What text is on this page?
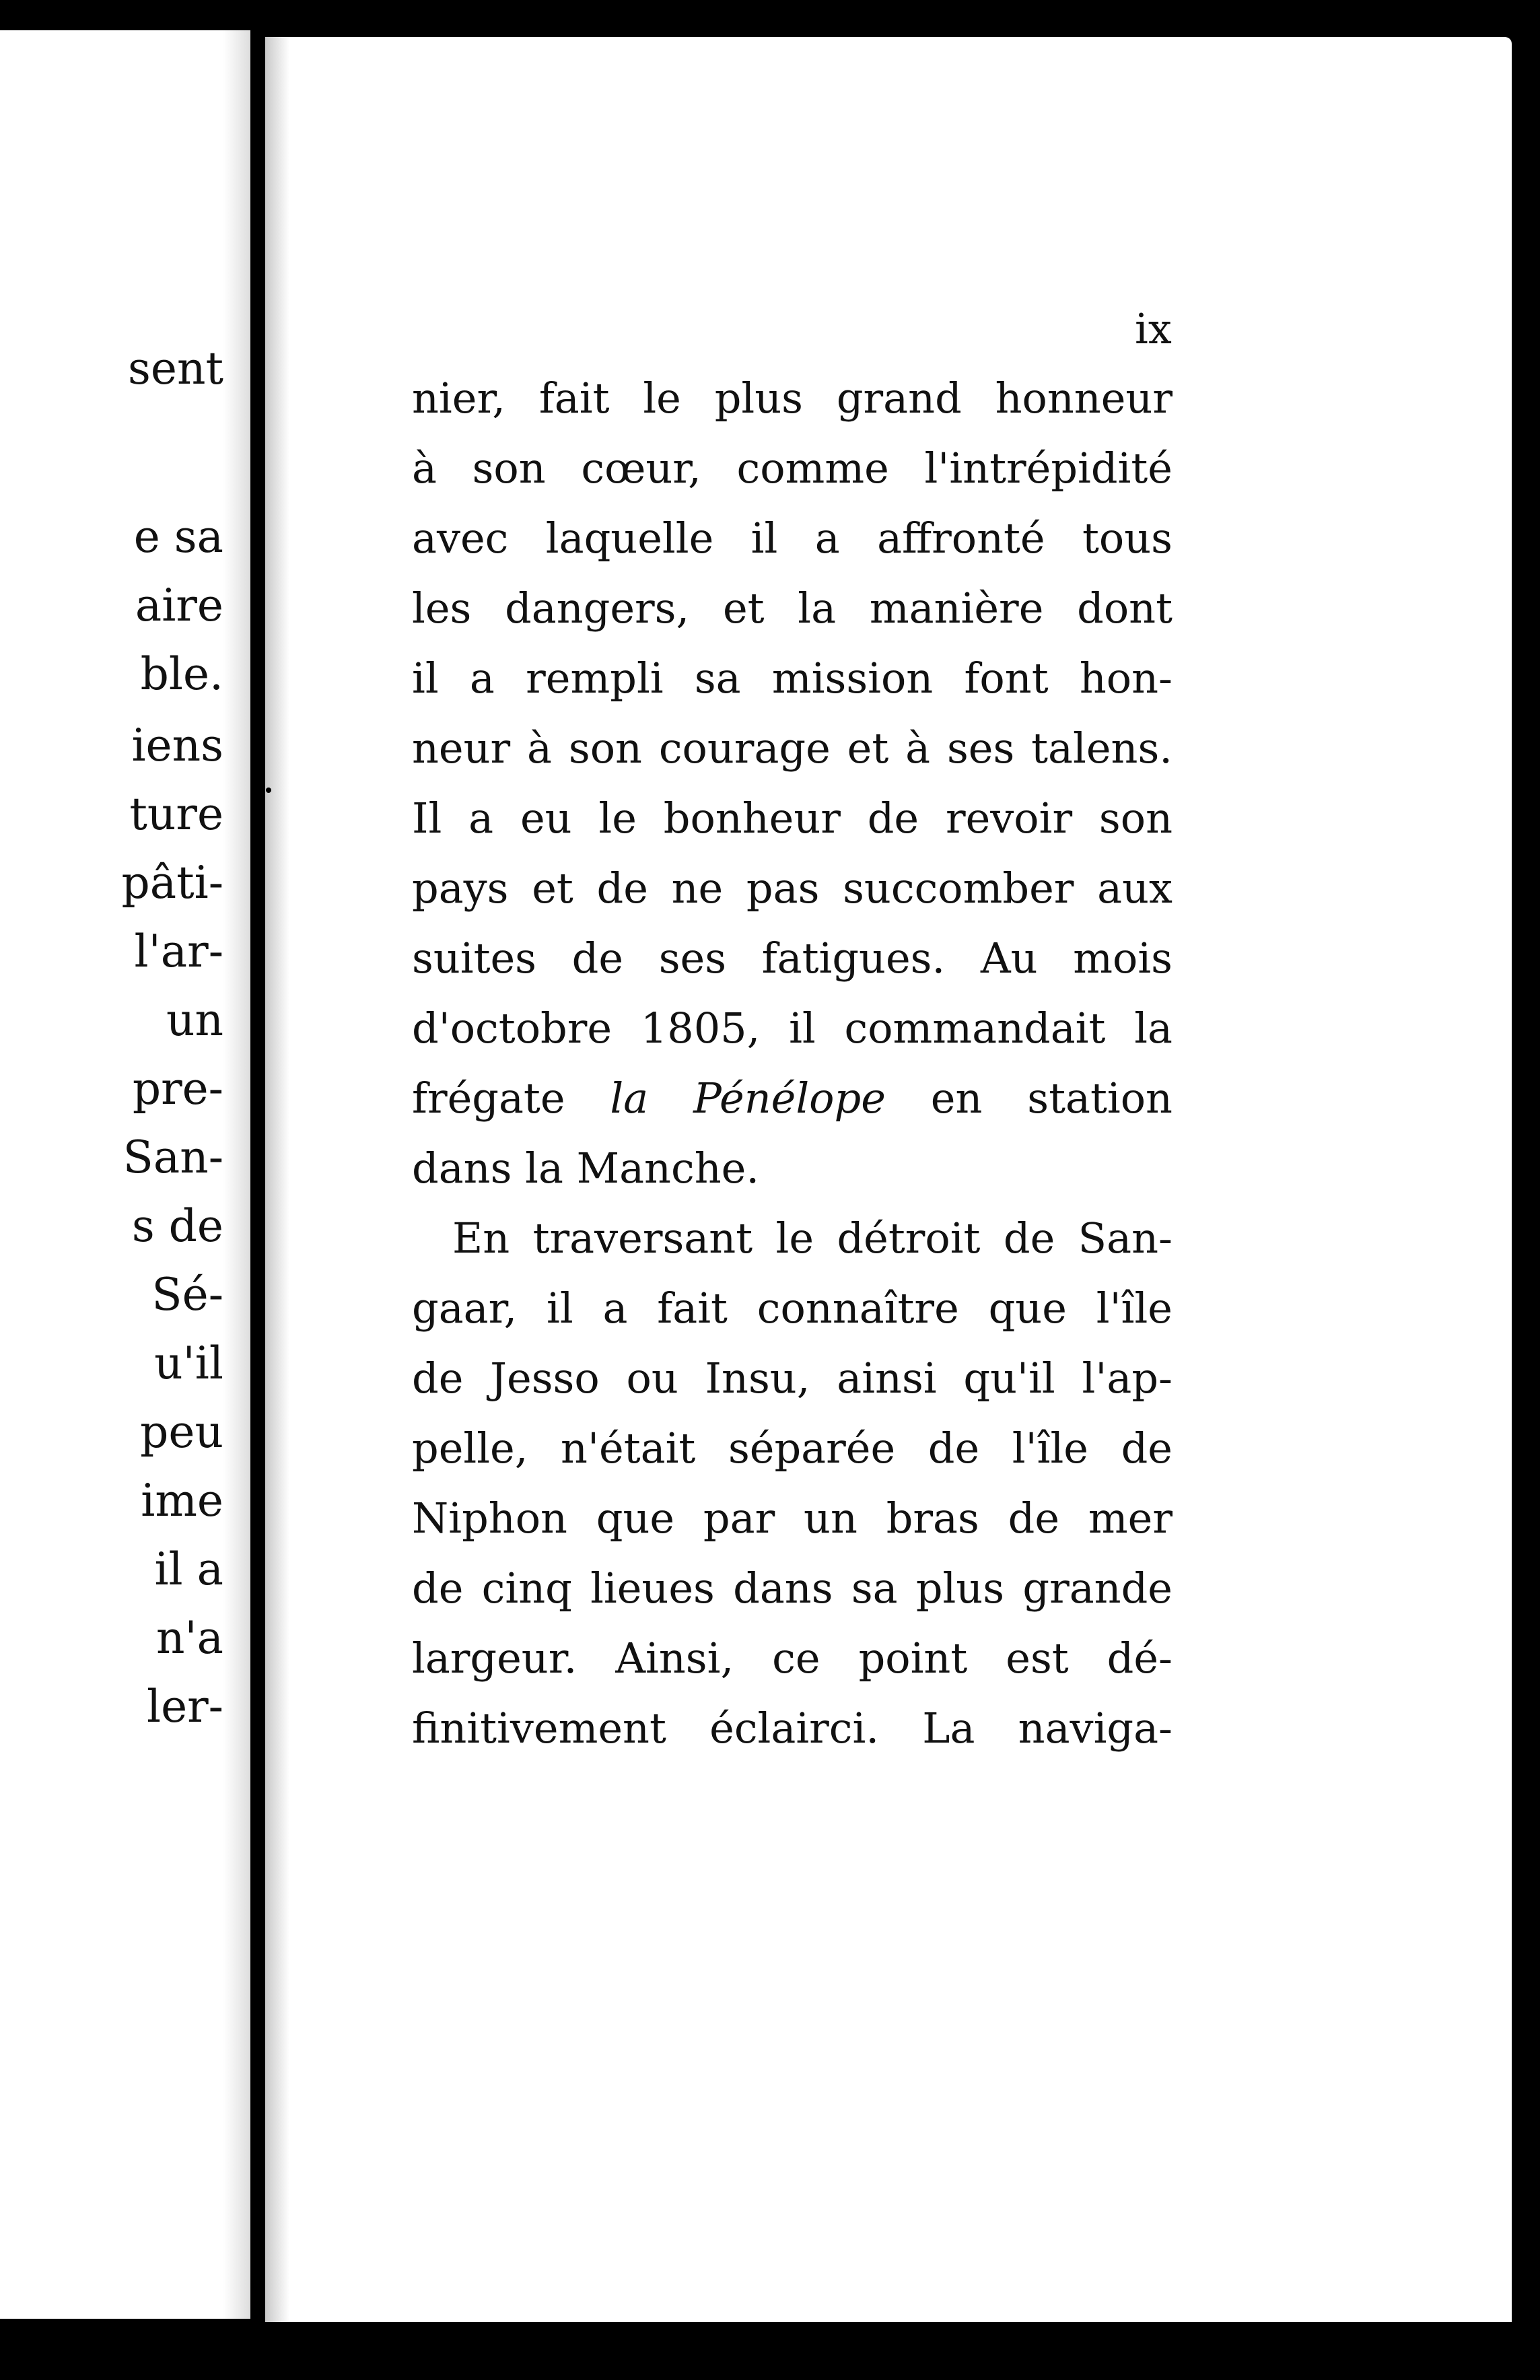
sent
e sa
aire
ble.
iens
ture
pâti-
l'ar-
un
pre-
San-
s de
Sé-
u'il
peu
ime
il a
n'a
ler-
ix
nier, fait le plus grand honneur
à son cœur, comme l'intrépidité
avec laquelle il a affronté tous
les dangers, et la manière dont
il a rempli sa mission font hon-
neur à son courage et à ses talens.
Il a eu le bonheur de revoir son
pays et de ne pas succomber aux
suites de ses fatigues. Au mois
d'octobre 1805, il commandait la
frégate la Pénélope en station
dans la Manche.
En traversant le détroit de San-
gaar, il a fait connaître que l'île
de Jesso ou Insu, ainsi qu'il l'ap-
pelle, n'était séparée de l'île de
Niphon que par un bras de mer
de cinq lieues dans sa plus grande
largeur. Ainsi, ce point est dé-
finitivement éclairci. La naviga-
